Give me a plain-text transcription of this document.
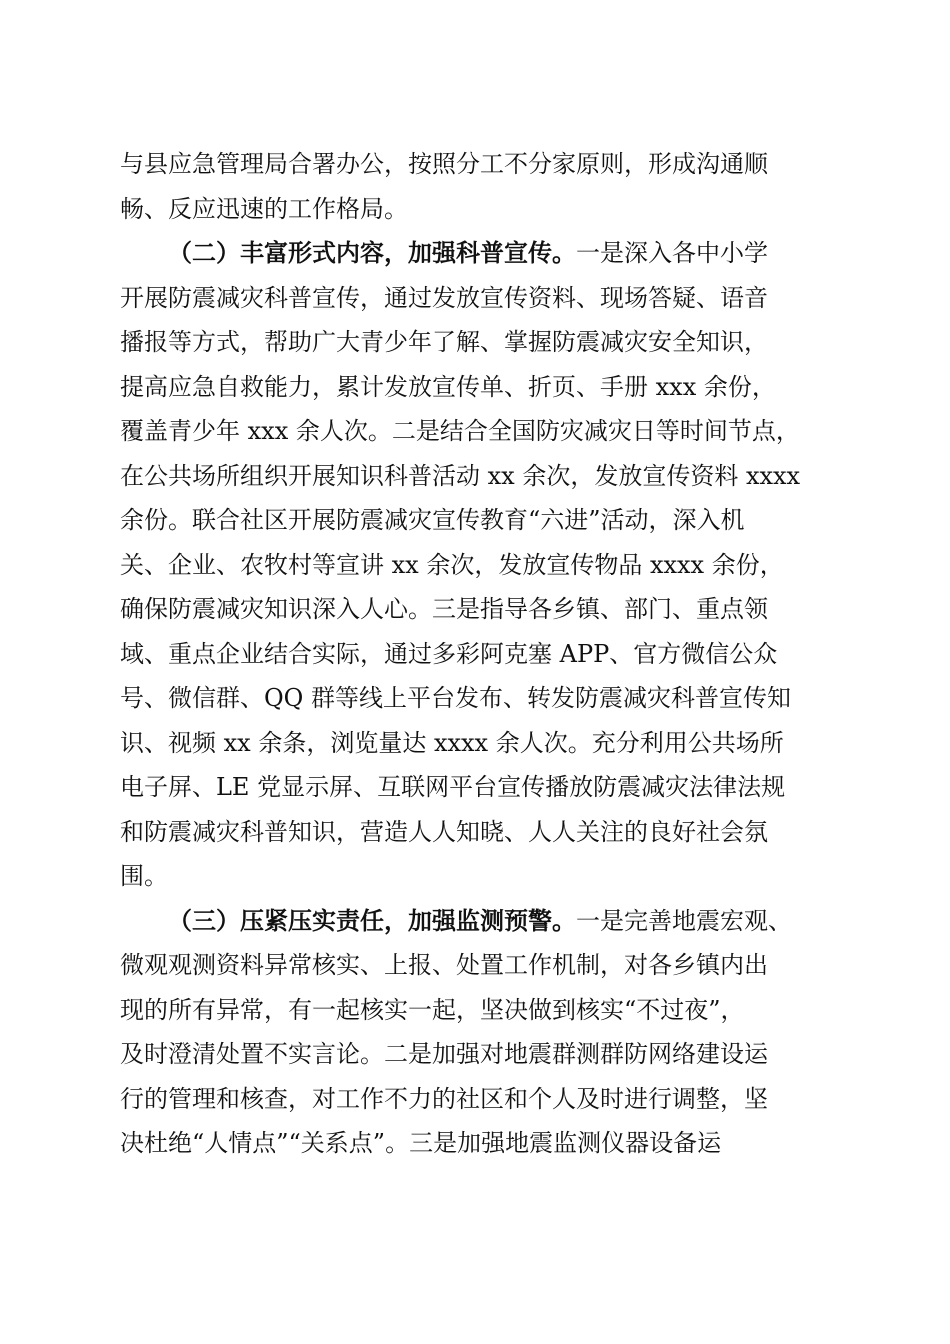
与县应急管理局合署办公，按照分工不分家原则，形成沟通顺
畅、反应迅速的工作格局。
（二）丰富形式内容，加强科普宣传。一是深入各中小学
开展防震减灾科普宣传，通过发放宣传资料、现场答疑、语音
播报等方式，帮助广大青少年了解、掌握防震减灾安全知识，
提高应急自救能力，累计发放宣传单、折页、手册 xxx 余份，
覆盖青少年 xxx 余人次。二是结合全国防灾减灾日等时间节点，
在公共场所组织开展知识科普活动 xx 余次，发放宣传资料 xxxx
余份。联合社区开展防震减灾宣传教育“六进”活动，深入机
关、企业、农牧村等宣讲 xx 余次，发放宣传物品 xxxx 余份，
确保防震减灾知识深入人心。三是指导各乡镇、部门、重点领
域、重点企业结合实际，通过多彩阿克塞 APP、官方微信公众
号、微信群、QQ 群等线上平台发布、转发防震减灾科普宣传知
识、视频 xx 余条，浏览量达 xxxx 余人次。充分利用公共场所
电子屏、LE 党显示屏、互联网平台宣传播放防震减灾法律法规
和防震减灾科普知识，营造人人知晓、人人关注的良好社会氛
围。
（三）压紧压实责任，加强监测预警。一是完善地震宏观、
微观观测资料异常核实、上报、处置工作机制，对各乡镇内出
现的所有异常，有一起核实一起，坚决做到核实“不过夜”，
及时澄清处置不实言论。二是加强对地震群测群防网络建设运
行的管理和核查，对工作不力的社区和个人及时进行调整，坚
决杜绝“人情点”“关系点”。三是加强地震监测仪器设备运
